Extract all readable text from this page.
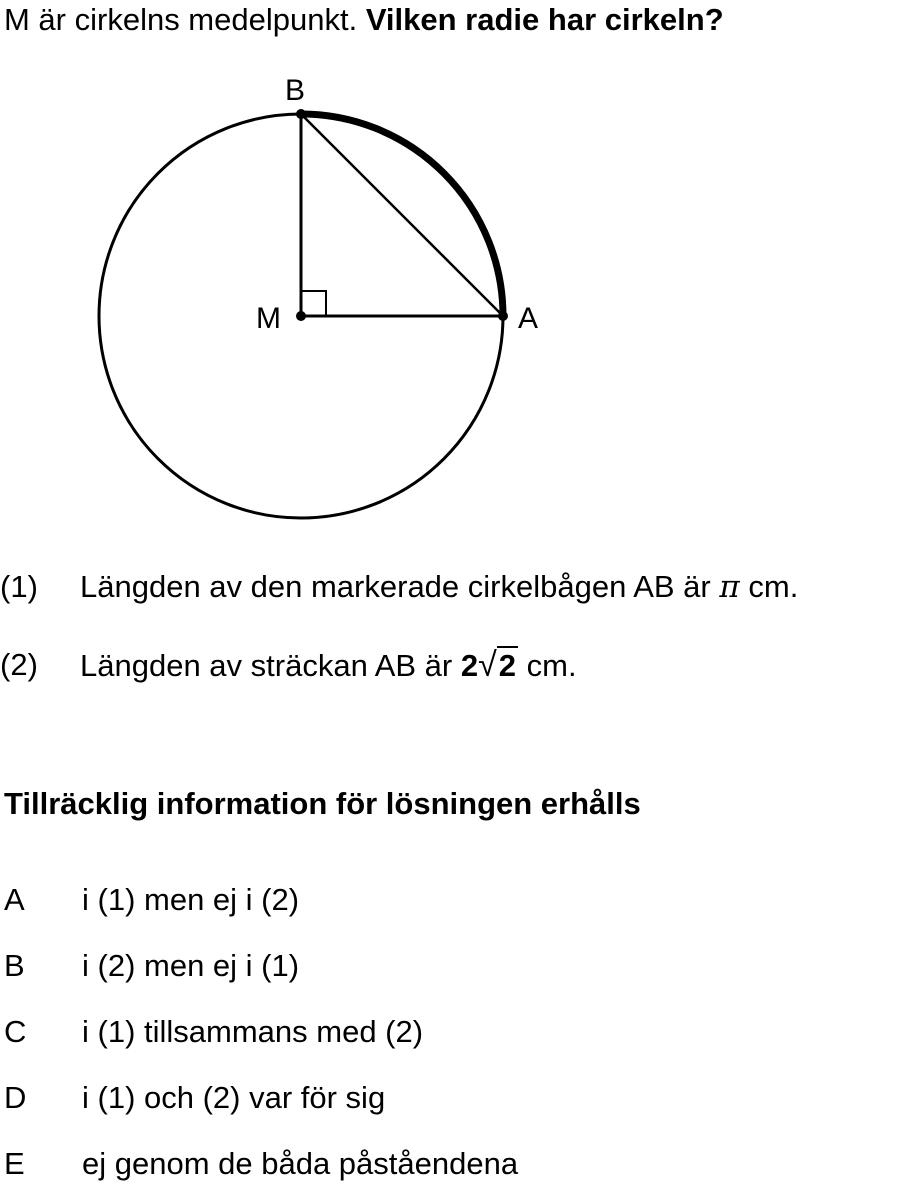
M är cirkelns medelpunkt. Vilken radie har cirkeln?
B
M	A
(1) Längden av den markerade cirkelbågen AB är π cm.
(2) Längden av sträckan AB är 2√2 cm.
Tillräcklig information för lösningen erhålls
A i (1) men ej i (2)
B i (2) men ej i (1)
C i (1) tillsammans med (2)
D i (1) och (2) var för sig
E ej genom de båda påståendena
